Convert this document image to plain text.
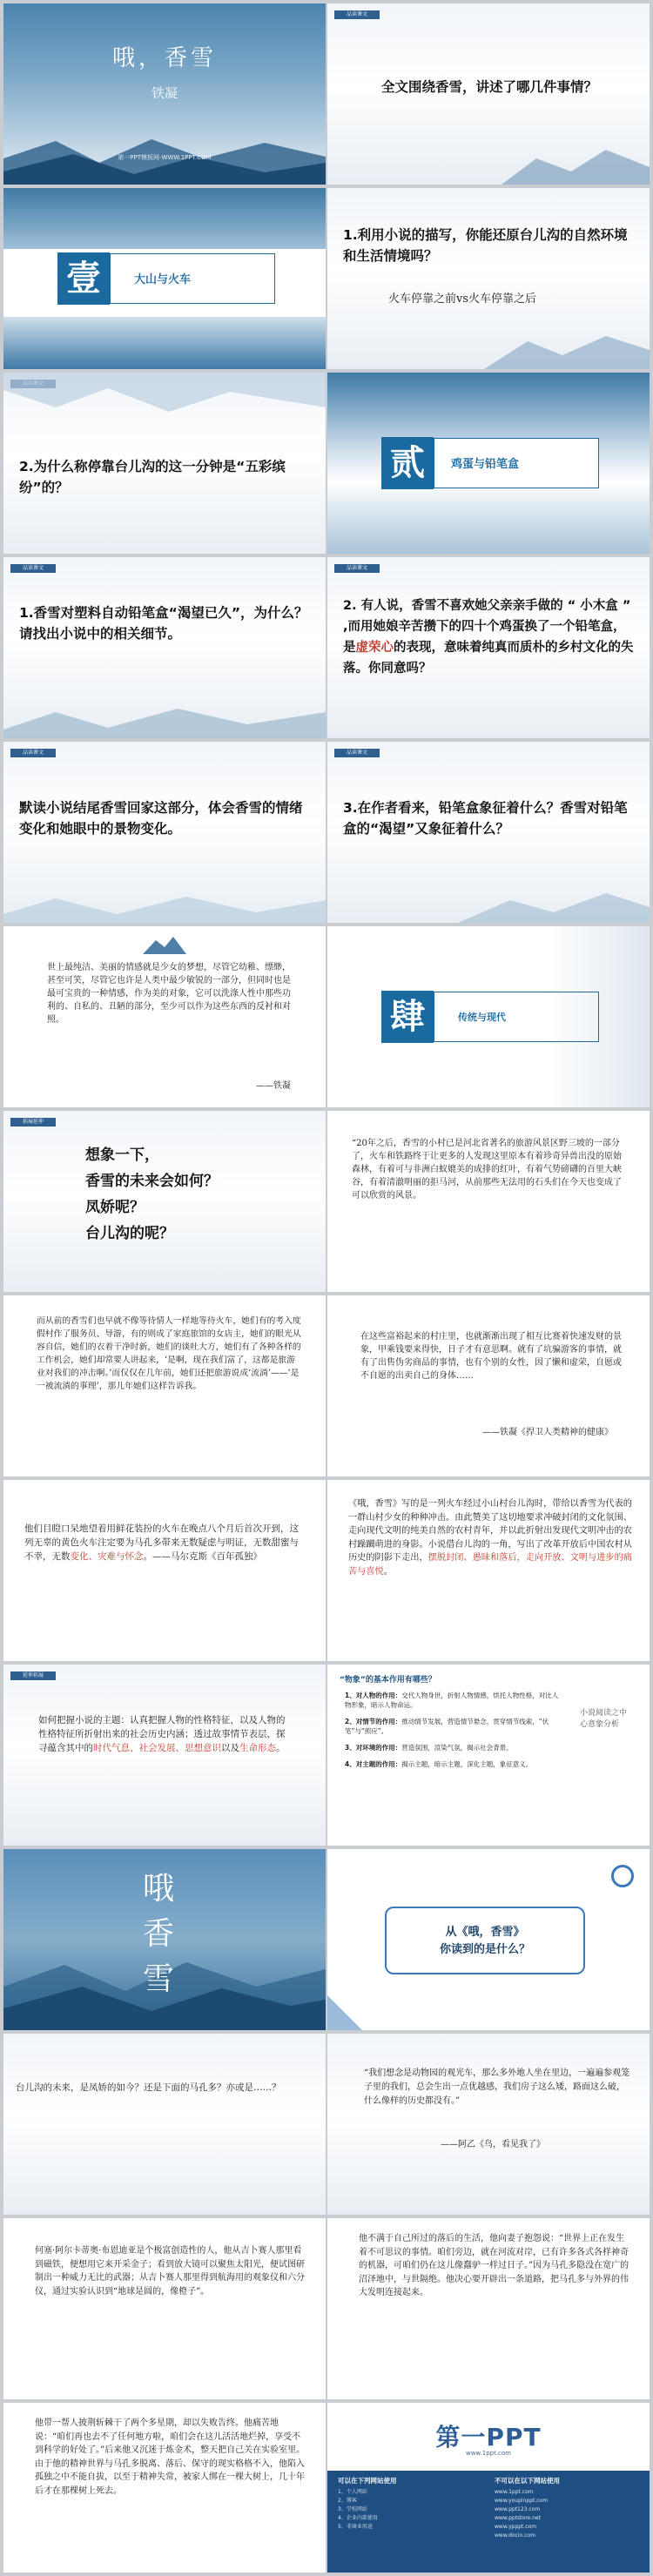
哦，香雪
铁凝
第一PPT模板网-WWW.1PPT.COM
品读课文
全文围绕香雪，讲述了哪几件事情？
壹	大山与火车
1.利用小说的描写，你能还原台儿沟的自然环境和生活情境吗？
火车停靠之前vs火车停靠之后
2.为什么称停靠台儿沟的这一分钟是“五彩缤纷”的？
贰	鸡蛋与铅笔盒
品读课文
1.香雪对塑料自动铅笔盒“渴望已久”，为什么？请找出小说中的相关细节。
品读课文
2. 有人说，香雪不喜欢她父亲亲手做的 “ 小木盒 ” ,而用她娘辛苦攒下的四十个鸡蛋换了一个铅笔盒，是虚荣心的表现，意味着纯真而质朴的乡村文化的失落。你同意吗？
品读课文
默读小说结尾香雪回家这部分，体会香雪的情绪变化和她眼中的景物变化。
品读课文
3.在作者看来，铅笔盒象征着什么？香雪对铅笔盒的“渴望”又象征着什么？
世上最纯洁、美丽的情感就是少女的梦想，尽管它幼稚、缥缈，甚至可笑，尽管它也许是人类中最少敏锐的一部分，但同时也是最可宝贵的一种情感，作为美的对象，它可以洗涤人性中那些功利的、自私的、丑陋的部分，至少可以作为这些东西的反衬和对照。
——铁凝
肆	传统与现代
拓展延伸
想象一下，
香雪的未来会如何？
凤娇呢？
台儿沟的呢？
“20年之后，香雪的小村已是河北省著名的旅游风景区野三坡的一部分了，火车和铁路终于让更多的人发现这里原本有着珍奇异兽出没的原始森林，有着可与非洲白蚁媲美的成排的红叶，有着气势磅礴的百里大峡谷，有着清澈明丽的拒马河，从前那些无法用的石头们在今天也变成了可以欣赏的风景。
而从前的香雪们也早就不像等待情人一样地等待火车，她们有的考入度假村作了服务员、导游，有的则成了家庭旅馆的女店主，她们的眼光从容自信，她们的衣着干净时新，她们的谈吐大方，她们有了各种各样的工作机会，她们却常要人讲起来，‘是啊，现在我们富了，这都是旅游业对我们的冲击啊。’而仅仅在几年前，她们还把旅游说成‘流淌’——‘是一被流淌的事理’，那儿年她们这样告诉我。
在这些富裕起来的村庄里，也就渐渐出现了相互比赛着快速发财的景象，甲乘钱要来得快，日子才有意思啊。就有了坑骗游客的事情，就有了出售伪劣商品的事情，也有个别的女性，因了懒和虚荣，自愿或不自愿的出卖自己的身体……
——铁凝《捍卫人类精神的健康》
他们目瞪口呆地望着用鲜花装扮的火车在晚点八个月后首次开到，这列无辜的黄色火车注定要为马孔多带来无数疑虑与明证，无数甜蜜与不幸，无数变化、灾难与怀念。——马尔克斯《百年孤独》
《哦，香雪》写的是一列火车经过小山村台儿沟时，带给以香雪为代表的一群山村少女的种种冲击。由此赞美了这切地要求冲破封闭的文化氛围、走向现代文明的纯美自然的农村青年，并以此折射出发现代文明冲击的农村躁躏萌进的身影。小说借台儿沟的一角，写出了改革开放后中国农村从历史的阴影下走出，摆脱封闭、愚昧和落后，走向开放、文明与进步的痛苦与喜悦。
延伸拓展
如何把握小说的主题：认真把握人物的性格特征，以及人物的性格特征所折射出来的社会历史内涵；透过故事情节表层，探寻蕴含其中的时代气息、社会发展、思想意识以及生命形态。
“物象”的基本作用有哪些？
1、对人物的作用：交代人物身世，折射人物情感，烘托人物性格，对比人物形象，暗示人物命运。
2、对情节的作用：推动情节发展，营造情节悬念，贯穿情节线索，“伏笔”与“照应”。
3、对环境的作用：营造氛围，渲染气氛，揭示社会背景。
4、对主题的作用：揭示主题，暗示主题，深化主题，象征意义。
小说阅读之中心意象分析
哦
香
雪
从《哦，香雪》
你读到的是什么？
台儿沟的未来，是凤娇的如今？还是下面的马孔多？亦或是……？
“我们想念是动物园的观光车，那么多外地人坐在里边，一遍遍参观笼子里的我们，总会生出一点优越感，我们房子这么矮，路面这么破，什么像样的历史都没有。”
——阿乙《鸟，看见我了》
何塞·阿尔卡蒂奥·布恩迪亚是个极富创造性的人，他从吉卜赛人那里看到磁铁，便想用它来开采金子；看到放大镜可以聚焦太阳光，便试图研制出一种威力无比的武器；从吉卜赛人那里得到航海用的观象仪和六分仪，通过实验认识到“地球是圆的，像橙子”。
他不满于自己所过的落后的生活，他向妻子抱怨说：“世界上正在发生着不可思议的事情。咱们旁边，就在河流对岸，已有许多各式各样神奇的机器，可咱们仍在这儿像蠢驴一样过日子。”因为马孔多隐没在宽广的沼泽地中，与世隔绝。他决心要开辟出一条道路，把马孔多与外界的伟大发明连接起来。
他带一帮人披荆斩棘干了两个多星期，却以失败告终。他痛苦地说：“咱们再也去不了任何地方啦，咱们会在这儿活活地烂掉，享受不到科学的好处了。”后来他又沉迷于炼金术，整天把自己关在实验室里。由于他的精神世界与马孔多脱离、落后、保守的现实格格不入，他陷入孤独之中不能自拔，以至于精神失常，被家人绑在一棵大树上，几十年后才在那棵树上死去。
第一PPT
www.1ppt.com
可以在下列网站使用
1、个人网站
2、博客
3、学校网站
4、企业内部使用
5、非商业用途
不可以在以下网站使用
www.1ppt.com
www.youpinppt.com
www.ppt123.com
www.pptstore.net
www.ypppt.com
www.docin.com
